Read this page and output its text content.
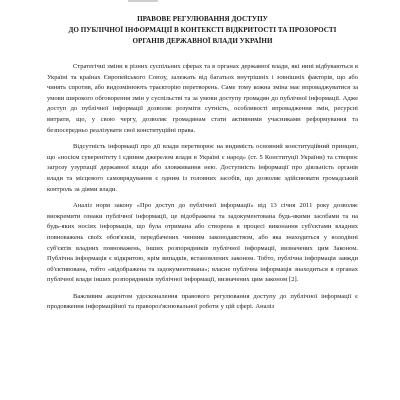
ПРАВОВЕ РЕГУЛЮВАННЯ ДОСТУПУ
ДО ПУБЛІЧНОЇ ІНФОРМАЦІЇ В КОНТЕКСТІ ВІДКРИТОСТІ ТА ПРОЗОРОСТІ
ОРГАНІВ ДЕРЖАВНОЇ ВЛАДИ УКРАЇНИ

Стратегічні зміни в різних суспільних сферах та в органах державної влади, які нині відбуваються в Україні та країнах Європейського Союзу, залежать від багатьох внутрішніх і зовнішніх факторів, що або чинять спротив, або видозмінюють траєкторію перетворень. Саме тому кожна зміна має впроваджуватися за умови широкого обговорення змін у суспільстві та за умови доступу громадян до публічної інформації. Адже доступ до публічної інформації дозволяє розуміти сутність, особливості впровадження змін, ресурсні витрати, що, у свою чергу, дозволяє громадянам стати активними учасниками реформування та безпосередньо реалізувати свої конституційні права.

Відсутність інформації про дії влади перетворює на видимість основний конституційний принцип, що «носієм суверенітету і єдиним джерелом влади в Україні є народ» (ст. 5 Конституції України) та створює загрозу узурпації державної влади або зловживання нею. Доступність інформації про діяльність органів влади та місцевого самоврядування є одним із головних засобів, що дозволяє здійснювати громадський контроль за діями влади.

Аналіз норм закону «Про доступ до публічної інформації» від 13 січня 2011 року дозволяє виокремити ознаки публічної інформації, це відображена та задокументована будь-якими засобами та на будь-яких носіях інформація, що була отримана або створена в процесі виконання суб'єктами владних повноважень своїх обов'язків, передбачених чинним законодавством, або яка знаходиться у володінні суб'єктів владних повноважень, інших розпорядників публічної інформації, визначених цим Законом. Публічна інформація є відкритою, крім випадків, встановлених законом. Тобто, публічна інформація завжди об'єктивована, тобто «відображена та задокументована»; власне публічна інформація знаходиться в органах публічної влади інших розпорядників публічної інформації, визначених цим законом [2].

Важливим акцентом удосконалення правового регулювання доступу до публічної інформації є продовження інформаційної та правороз'яснювальної роботи у цій сфері. Аналіз
